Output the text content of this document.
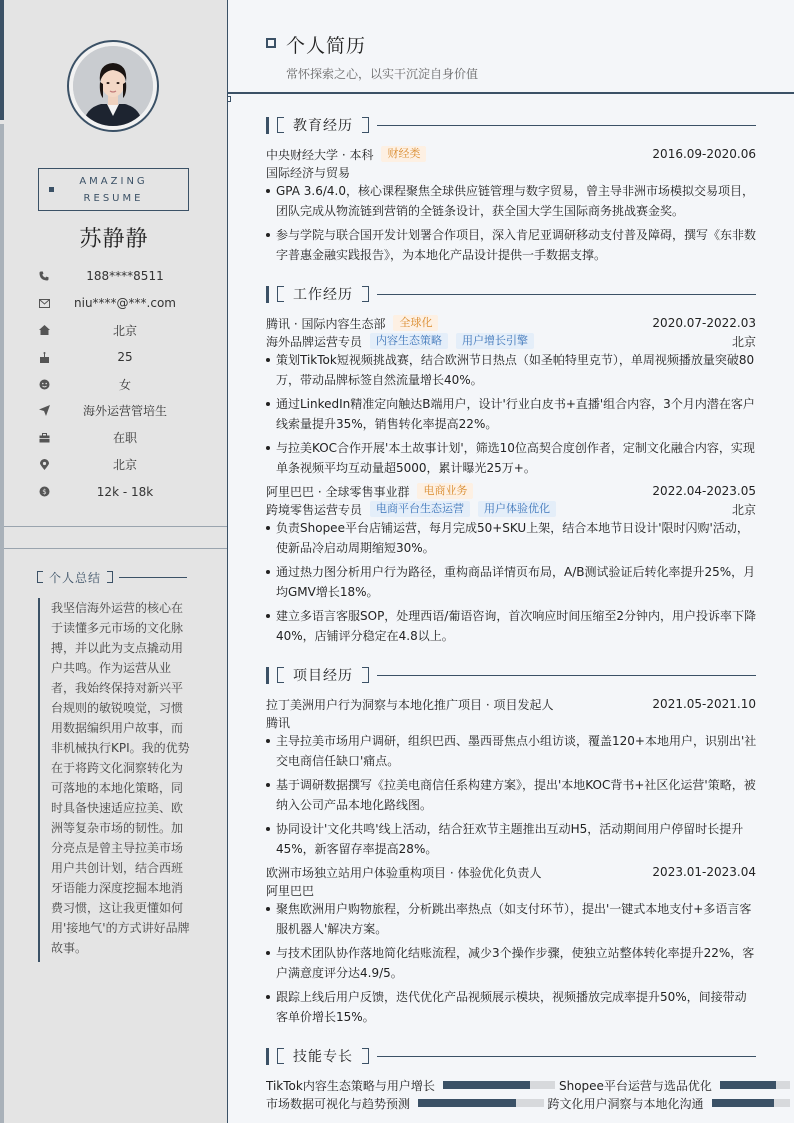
AMAZING
RESUME
苏静静
188****8511
niu****@***.com
北京
25
女
海外运营管培生
在职
北京
$	12k - 18k
个人总结
我坚信海外运营的核心在于读懂多元市场的文化脉搏，并以此为支点撬动用户共鸣。作为运营从业者，我始终保持对新兴平台规则的敏锐嗅觉，习惯用数据编织用户故事，而非机械执行KPI。我的优势在于将跨文化洞察转化为可落地的本地化策略，同时具备快速适应拉美、欧洲等复杂市场的韧性。加分亮点是曾主导拉美市场用户共创计划，结合西班牙语能力深度挖掘本地消费习惯，这让我更懂如何用'接地气'的方式讲好品牌故事。
个人简历
常怀探索之心，以实干沉淀自身价值
教育经历
中央财经大学 · 本科	财经类	2016.09-2020.06
国际经济与贸易
GPA 3.6/4.0，核心课程聚焦全球供应链管理与数字贸易，曾主导非洲市场模拟交易项目，团队完成从物流链到营销的全链条设计，获全国大学生国际商务挑战赛金奖。
参与学院与联合国开发计划署合作项目，深入肯尼亚调研移动支付普及障碍，撰写《东非数字普惠金融实践报告》，为本地化产品设计提供一手数据支撑。
工作经历
腾讯 · 国际内容生态部	全球化	2020.07-2022.03
海外品牌运营专员	内容生态策略	用户增长引擎	北京
策划TikTok短视频挑战赛，结合欧洲节日热点（如圣帕特里克节），单周视频播放量突破80万，带动品牌标签自然流量增长40%。
通过LinkedIn精准定向触达B端用户，设计'行业白皮书+直播'组合内容，3个月内潜在客户线索量提升35%，销售转化率提高22%。
与拉美KOC合作开展'本土故事计划'，筛选10位高契合度创作者，定制文化融合内容，实现单条视频平均互动量超5000，累计曝光25万+。
阿里巴巴 · 全球零售事业群	电商业务	2022.04-2023.05
跨境零售运营专员	电商平台生态运营	用户体验优化	北京
负责Shopee平台店铺运营，每月完成50+SKU上架，结合本地节日设计'限时闪购'活动，使新品冷启动周期缩短30%。
通过热力图分析用户行为路径，重构商品详情页布局，A/B测试验证后转化率提升25%，月均GMV增长18%。
建立多语言客服SOP，处理西语/葡语咨询，首次响应时间压缩至2分钟内，用户投诉率下降40%，店铺评分稳定在4.8以上。
项目经历
拉丁美洲用户行为洞察与本地化推广项目 · 项目发起人	2021.05-2021.10
腾讯
主导拉美市场用户调研，组织巴西、墨西哥焦点小组访谈，覆盖120+本地用户，识别出'社交电商信任缺口'痛点。
基于调研数据撰写《拉美电商信任系构建方案》，提出'本地KOC背书+社区化运营'策略，被纳入公司产品本地化路线图。
协同设计'文化共鸣'线上活动，结合狂欢节主题推出互动H5，活动期间用户停留时长提升45%，新客留存率提高28%。
欧洲市场独立站用户体验重构项目 · 体验优化负责人	2023.01-2023.04
阿里巴巴
聚焦欧洲用户购物旅程，分析跳出率热点（如支付环节），提出'一键式本地支付+多语言客服机器人'解决方案。
与技术团队协作落地简化结账流程，减少3个操作步骤，使独立站整体转化率提升22%，客户满意度评分达4.9/5。
跟踪上线后用户反馈，迭代优化产品视频展示模块，视频播放完成率提升50%，间接带动客单价增长15%。
技能专长
TikTok内容生态策略与用户增长	Shopee平台运营与选品优化
市场数据可视化与趋势预测	跨文化用户洞察与本地化沟通
